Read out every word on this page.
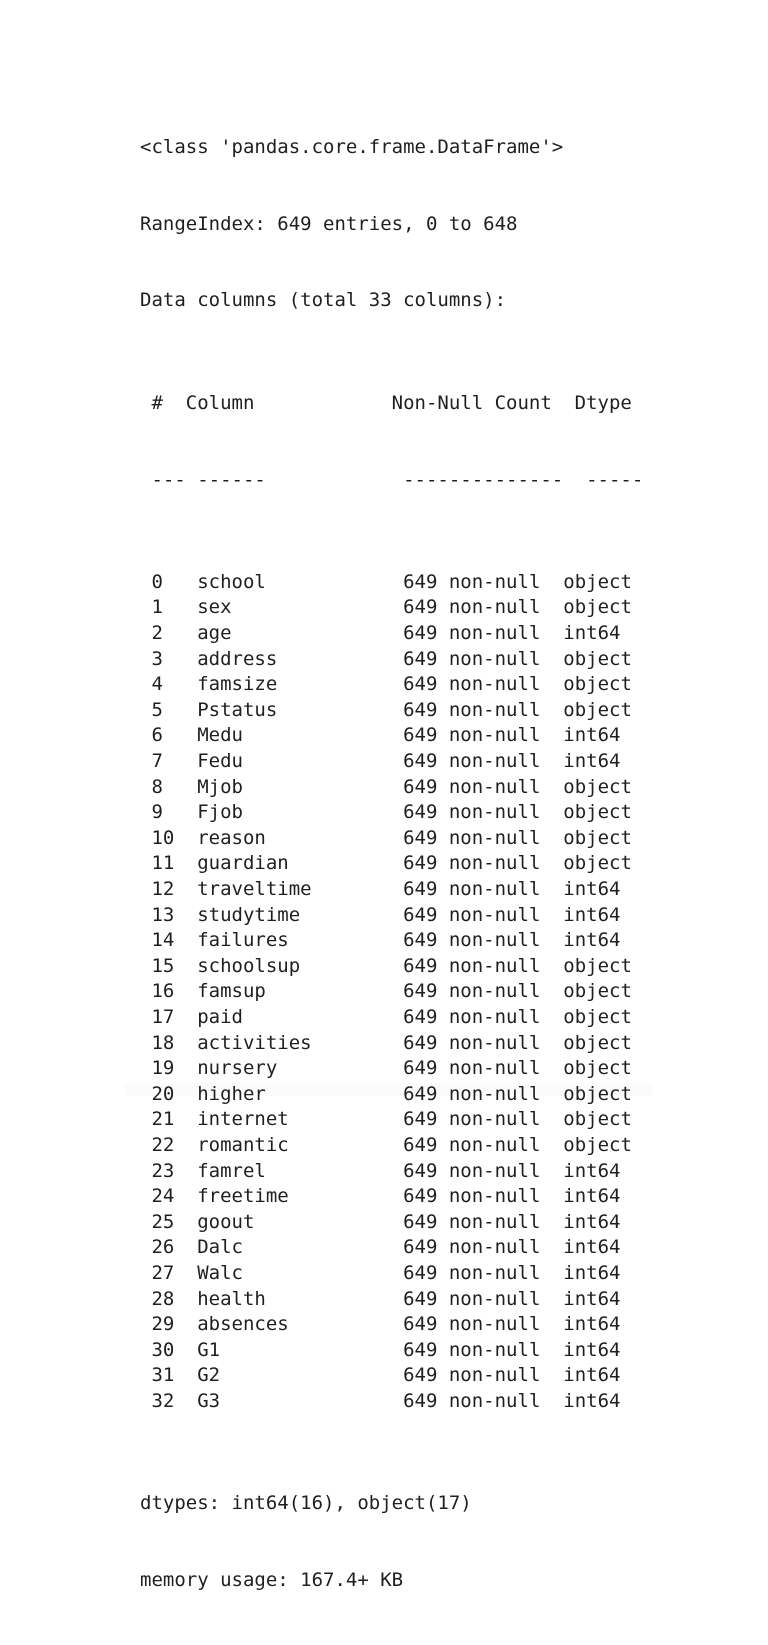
<class 'pandas.core.frame.DataFrame'>

RangeIndex: 649 entries, 0 to 648

Data columns (total 33 columns):

#  Column            Non-Null Count  Dtype

--- ------            --------------  -----

0   school            649 non-null  object
1   sex               649 non-null  object
2   age               649 non-null  int64
3   address           649 non-null  object
4   famsize           649 non-null  object
5   Pstatus           649 non-null  object
6   Medu              649 non-null  int64
7   Fedu              649 non-null  int64
8   Mjob              649 non-null  object
9   Fjob              649 non-null  object
10  reason            649 non-null  object
11  guardian          649 non-null  object
12  traveltime        649 non-null  int64
13  studytime         649 non-null  int64
14  failures          649 non-null  int64
15  schoolsup         649 non-null  object
16  famsup            649 non-null  object
17  paid              649 non-null  object
18  activities        649 non-null  object
19  nursery           649 non-null  object
20  higher            649 non-null  object
21  internet          649 non-null  object
22  romantic          649 non-null  object
23  famrel            649 non-null  int64
24  freetime          649 non-null  int64
25  goout             649 non-null  int64
26  Dalc              649 non-null  int64
27  Walc              649 non-null  int64
28  health            649 non-null  int64
29  absences          649 non-null  int64
30  G1                649 non-null  int64
31  G2                649 non-null  int64
32  G3                649 non-null  int64

dtypes: int64(16), object(17)

memory usage: 167.4+ KB
